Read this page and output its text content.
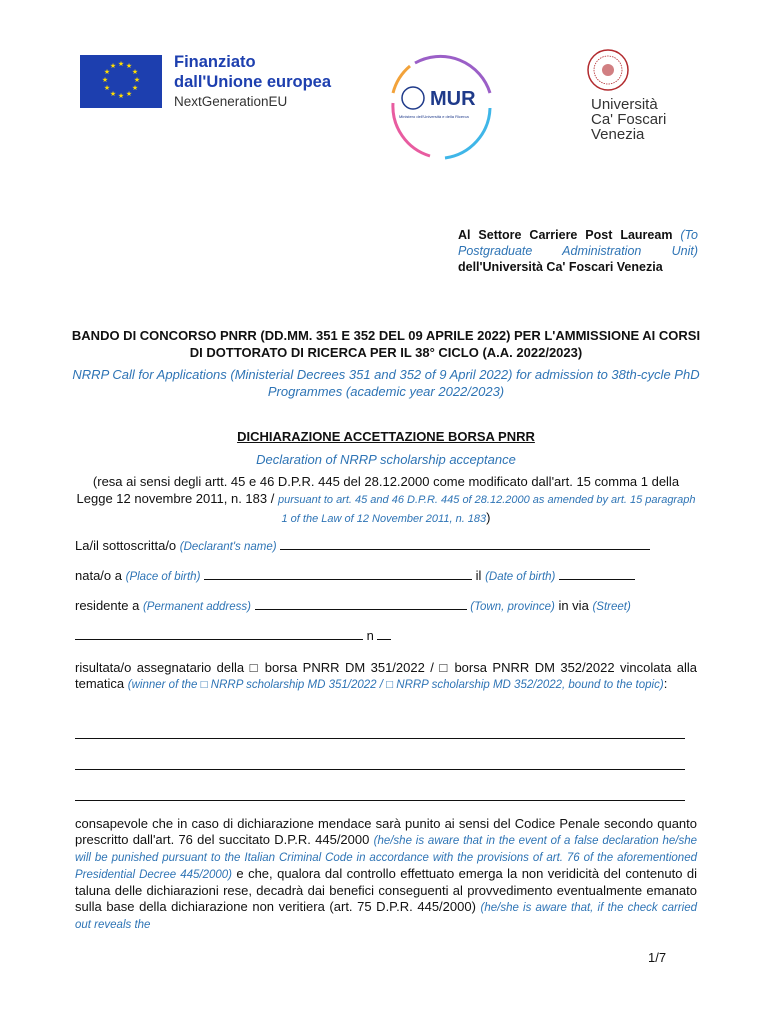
★ ★
★
★
★
★
★
★
★
★
★
★	Finanziato
dall'Unione europea
NextGenerationEU	MUR
Ministero dell'Università e della Ricerca
Università
Ca' Foscari
Venezia
Al Settore Carriere Post Lauream (To Postgraduate Administration Unit) dell'Università Ca' Foscari Venezia
BANDO DI CONCORSO PNRR (DD.MM. 351 E 352 DEL 09 APRILE 2022) PER L'AMMISSIONE AI CORSI DI DOTTORATO DI RICERCA PER IL 38° CICLO (A.A. 2022/2023)
NRRP Call for Applications (Ministerial Decrees 351 and 352 of 9 April 2022) for admission to 38th-cycle PhD Programmes (academic year 2022/2023)
DICHIARAZIONE ACCETTAZIONE BORSA PNRR
Declaration of NRRP scholarship acceptance
(resa ai sensi degli artt. 45 e 46 D.P.R. 445 del 28.12.2000 come modificato dall'art. 15 comma 1 della Legge 12 novembre 2011, n. 183 / pursuant to art. 45 and 46 D.P.R. 445 of 28.12.2000 as amended by art. 15 paragraph 1 of the Law of 12 November 2011, n. 183)
La/il sottoscritta/o (Declarant's name)
nata/o a (Place of birth)	il (Date of birth)
residente a (Permanent address)	(Town, province) in via (Street)
n
risultata/o assegnatario della □ borsa PNRR DM 351/2022 / □ borsa PNRR DM 352/2022 vincolata alla tematica (winner of the □ NRRP scholarship MD 351/2022 / □ NRRP scholarship MD 352/2022, bound to the topic):
consapevole che in caso di dichiarazione mendace sarà punito ai sensi del Codice Penale secondo quanto prescritto dall'art. 76 del succitato D.P.R. 445/2000 (he/she is aware that in the event of a false declaration he/she will be punished pursuant to the Italian Criminal Code in accordance with the provisions of art. 76 of the aforementioned Presidential Decree 445/2000) e che, qualora dal controllo effettuato emerga la non veridicità del contenuto di taluna delle dichiarazioni rese, decadrà dai benefici conseguenti al provvedimento eventualmente emanato sulla base della dichiarazione non veritiera (art. 75 D.P.R. 445/2000) (he/she is aware that, if the check carried out reveals the
1/7
